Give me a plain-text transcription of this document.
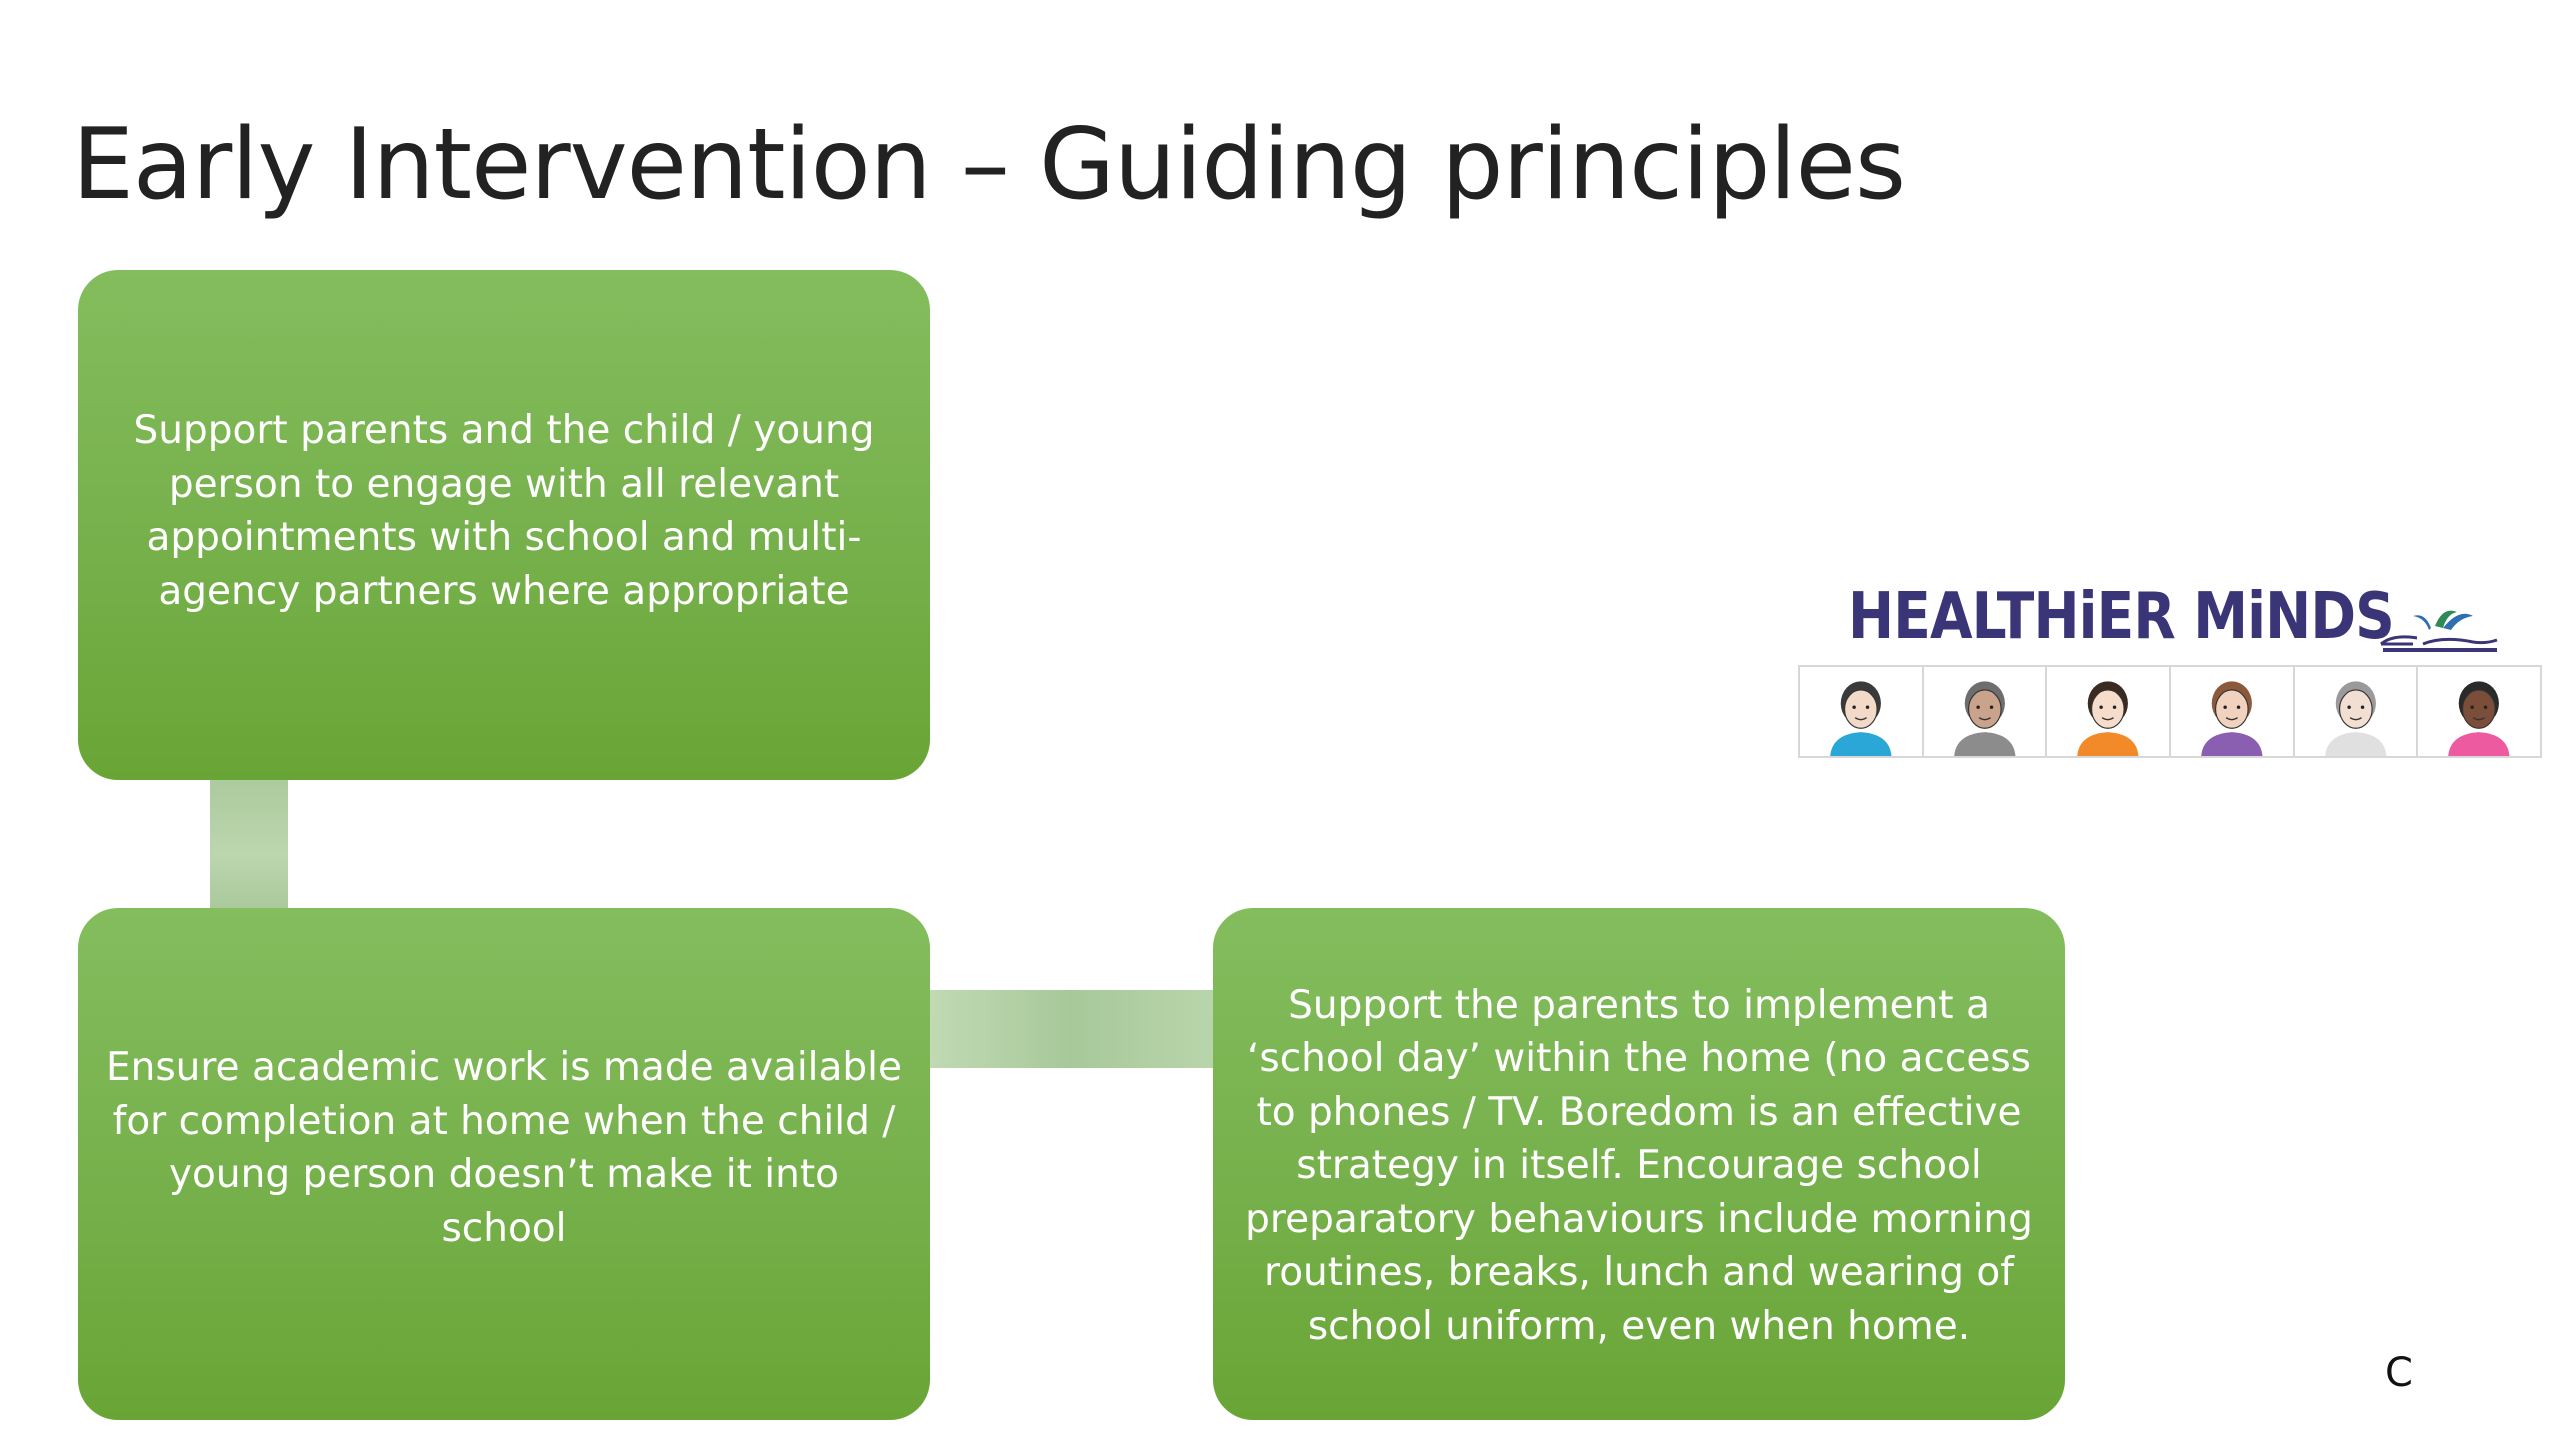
Early Intervention – Guiding principles

Support parents and the child / young person to engage with all relevant appointments with school and multi-agency partners where appropriate

Ensure academic work is made available for completion at home when the child / young person doesn’t make it into school

Support the parents to implement a ‘school day’ within the home (no access to phones / TV. Boredom is an effective strategy in itself. Encourage school preparatory behaviours include morning routines, breaks, lunch and wearing of school uniform, even when home.

HEALTHiER MiNDS
C
